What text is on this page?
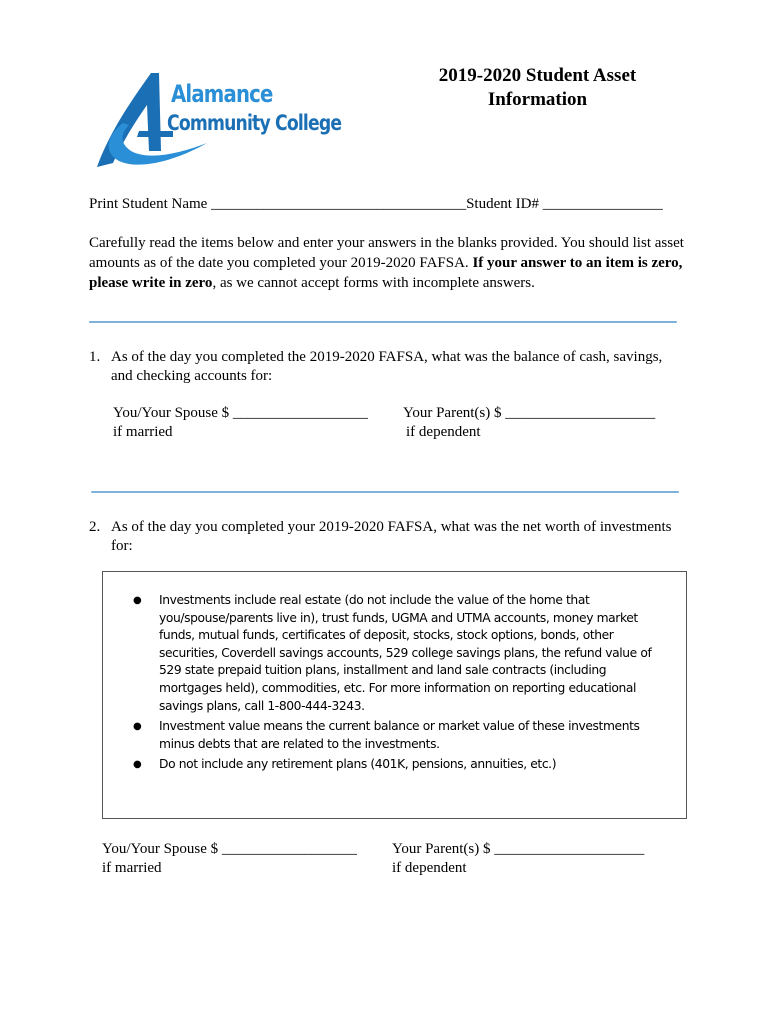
Alamance
Community College
2019-2020 Student Asset Information
Print Student Name __________________________________Student ID# ________________
Carefully read the items below and enter your answers in the blanks provided. You should list asset amounts as of the date you completed your 2019-2020 FAFSA. If your answer to an item is zero, please write in zero, as we cannot accept forms with incomplete answers.
1. As of the day you completed the 2019-2020 FAFSA, what was the balance of cash, savings, and checking accounts for:
You/Your Spouse $ __________________
if married
Your Parent(s) $ ____________________
if dependent
2. As of the day you completed your 2019-2020 FAFSA, what was the net worth of investments for:
●	Investments include real estate (do not include the value of the home that you/spouse/parents live in), trust funds, UGMA and UTMA accounts, money market funds, mutual funds, certificates of deposit, stocks, stock options, bonds, other securities, Coverdell savings accounts, 529 college savings plans, the refund value of 529 state prepaid tuition plans, installment and land sale contracts (including mortgages held), commodities, etc. For more information on reporting educational savings plans, call 1-800-444-3243.
●	Investment value means the current balance or market value of these investments minus debts that are related to the investments.
●	Do not include any retirement plans (401K, pensions, annuities, etc.)
You/Your Spouse $ __________________
if married
Your Parent(s) $ ____________________
if dependent
